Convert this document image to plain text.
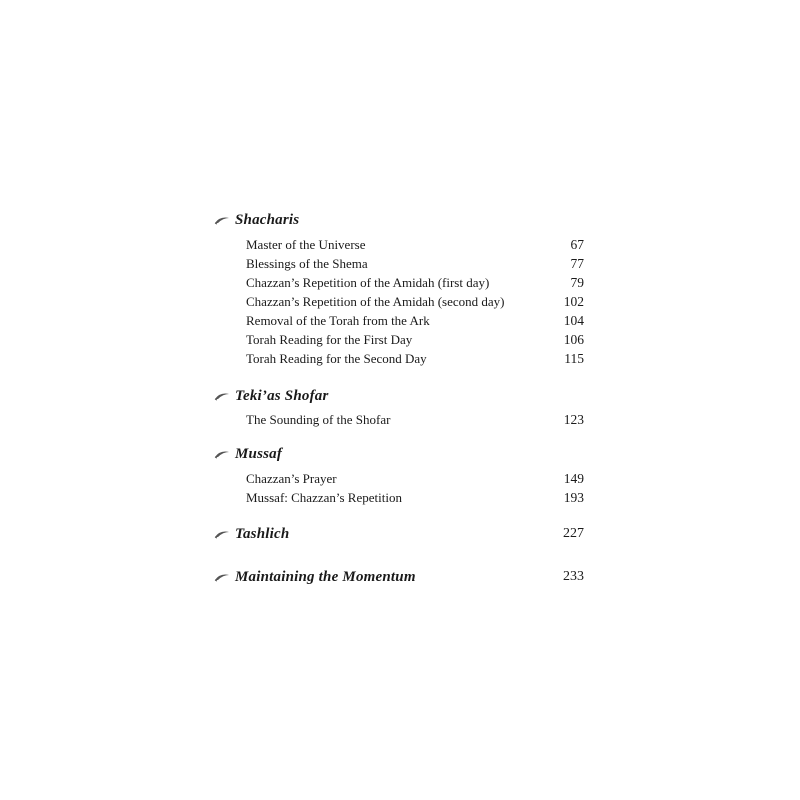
Shacharis
Master of the Universe	67
Blessings of the Shema	77
Chazzan’s Repetition of the Amidah (first day)	79
Chazzan’s Repetition of the Amidah (second day)	102
Removal of the Torah from the Ark	104
Torah Reading for the First Day	106
Torah Reading for the Second Day	115
Teki’as Shofar
The Sounding of the Shofar	123
Mussaf
Chazzan’s Prayer	149
Mussaf: Chazzan’s Repetition	193
Tashlich	227
Maintaining the Momentum	233
